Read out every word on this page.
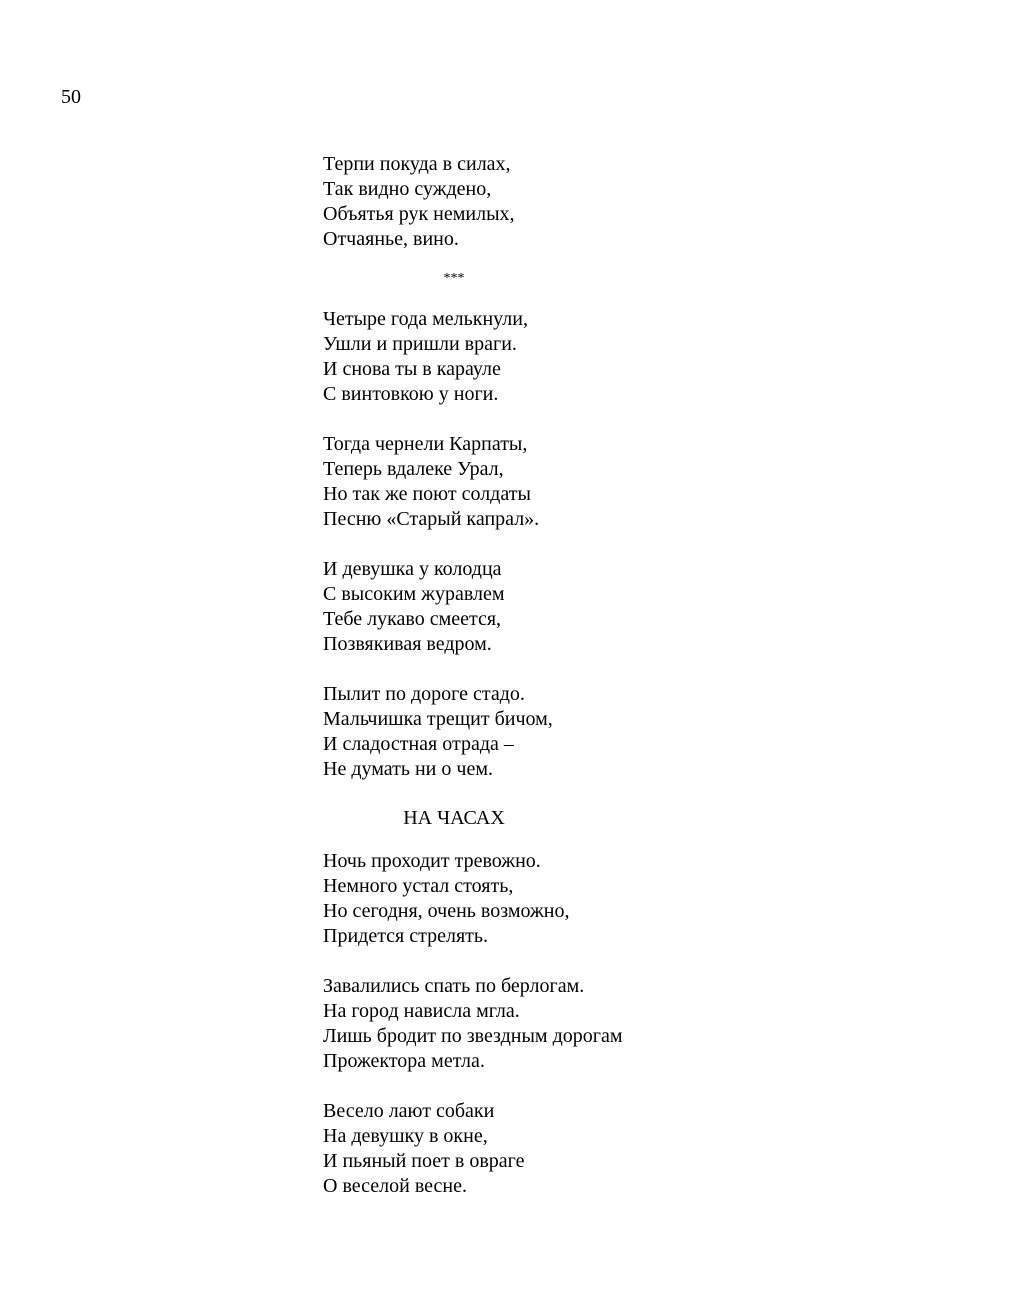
50
Терпи покуда в силах,
Так видно суждено,
Объятья рук немилых,
Отчаянье, вино.
***
Четыре года мелькнули,
Ушли и пришли враги.
И снова ты в карауле
С винтовкою у ноги.
Тогда чернели Карпаты,
Теперь вдалеке Урал,
Но так же поют солдаты
Песню «Старый капрал».
И девушка у колодца
С высоким журавлем
Тебе лукаво смеется,
Позвякивая ведром.
Пылит по дороге стадо.
Мальчишка трещит бичом,
И сладостная отрада –
Не думать ни о чем.
НА ЧАСАХ
Ночь проходит тревожно.
Немного устал стоять,
Но сегодня, очень возможно,
Придется стрелять.
Завалились спать по берлогам.
На город нависла мгла.
Лишь бродит по звездным дорогам
Прожектора метла.
Весело лают собаки
На девушку в окне,
И пьяный поет в овраге
О веселой весне.
